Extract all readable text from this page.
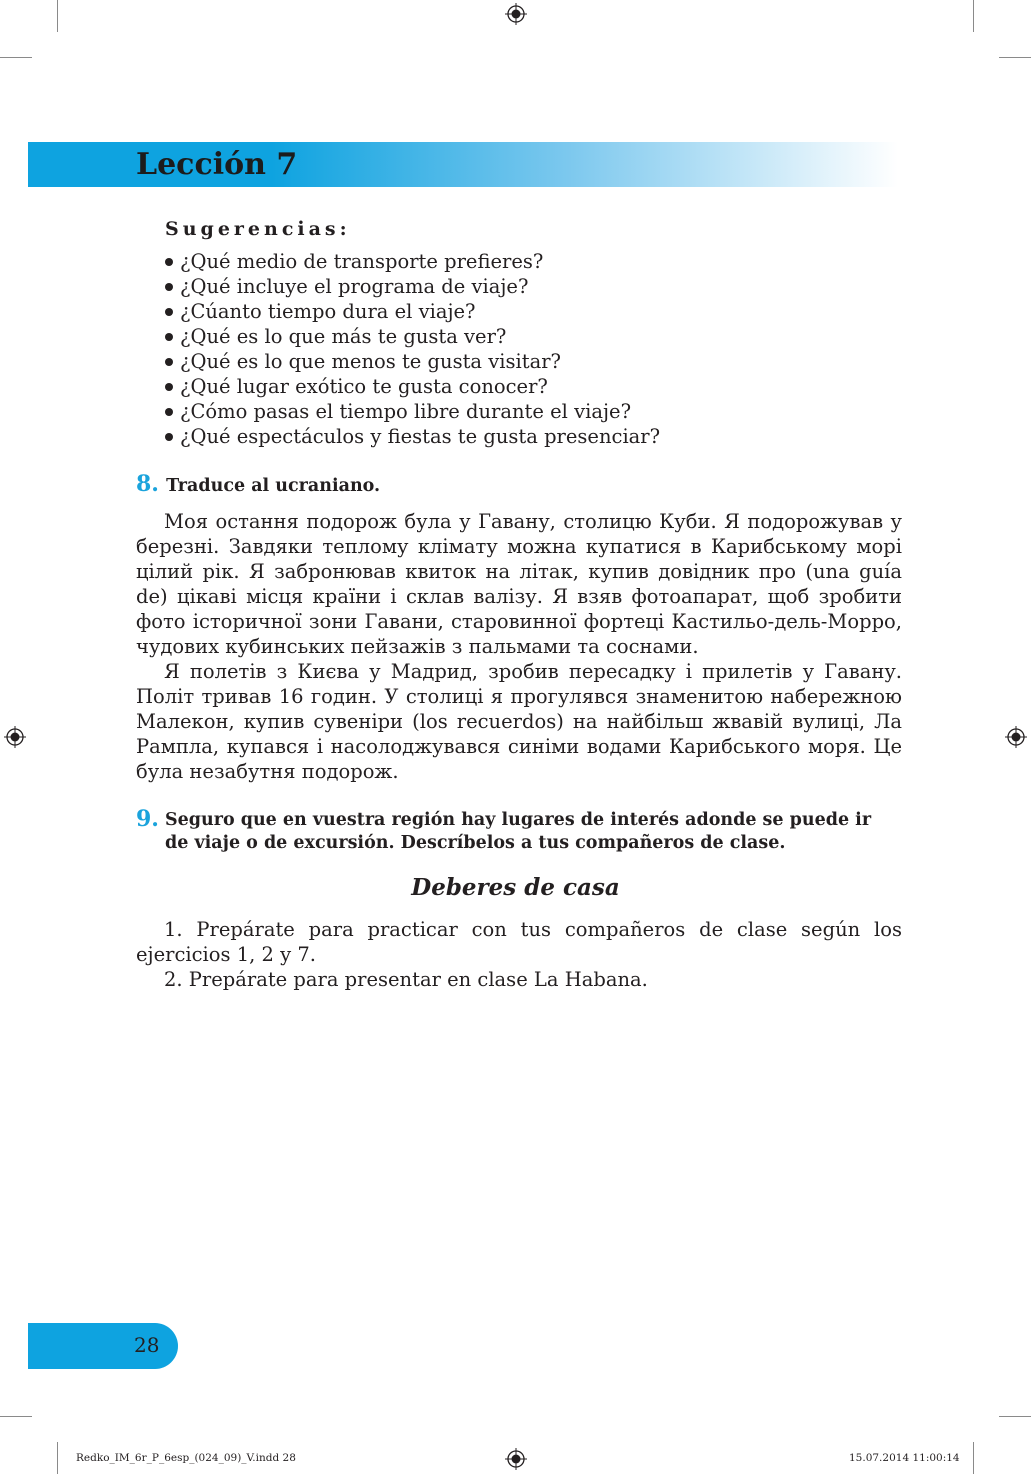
Lección 7
Sugerencias:
¿Qué medio de transporte prefieres?
¿Qué incluye el programa de viaje?
¿Cúanto tiempo dura el viaje?
¿Qué es lo que más te gusta ver?
¿Qué es lo que menos te gusta visitar?
¿Qué lugar exótico te gusta conocer?
¿Cómo pasas el tiempo libre durante el viaje?
¿Qué espectáculos y fiestas te gusta presenciar?
8. Traduce al ucraniano.

Моя остання подорож була у Гавану, столицю Куби. Я подорожував у березні. Завдяки теплому клімату можна купатися в Карибському морі цілий рік. Я забронював квиток на літак, купив довідник про (una guía de) цікаві місця країни і склав валізу. Я взяв фотоапарат, щоб зробити фото історичної зони Гавани, старовинної фортеці Кастильо-дель-Морро, чудових кубинських пейзажів з пальмами та соснами.

Я полетів з Києва у Мадрид, зробив пересадку і прилетів у Гавану. Політ тривав 16 годин. У столиці я прогулявся знаменитою набережною Малекон, купив сувеніри (los recuerdos) на найбільш жвавій вулиці, Ла Рампла, купався і насолоджувався синіми водами Карибського моря. Це була незабутня подорож.

9. Seguro que en vuestra región hay lugares de interés adonde se puede ir
de viaje o de excursión. Descríbelos a tus compañeros de clase.
Deberes de casa

1. Prepárate para practicar con tus compañeros de clase según los ejercicios 1, 2 y 7.

2. Prepárate para presentar en clase La Habana.

28
Redko_IM_6r_P_6esp_(024_09)_V.indd 28	15.07.2014 11:00:14
